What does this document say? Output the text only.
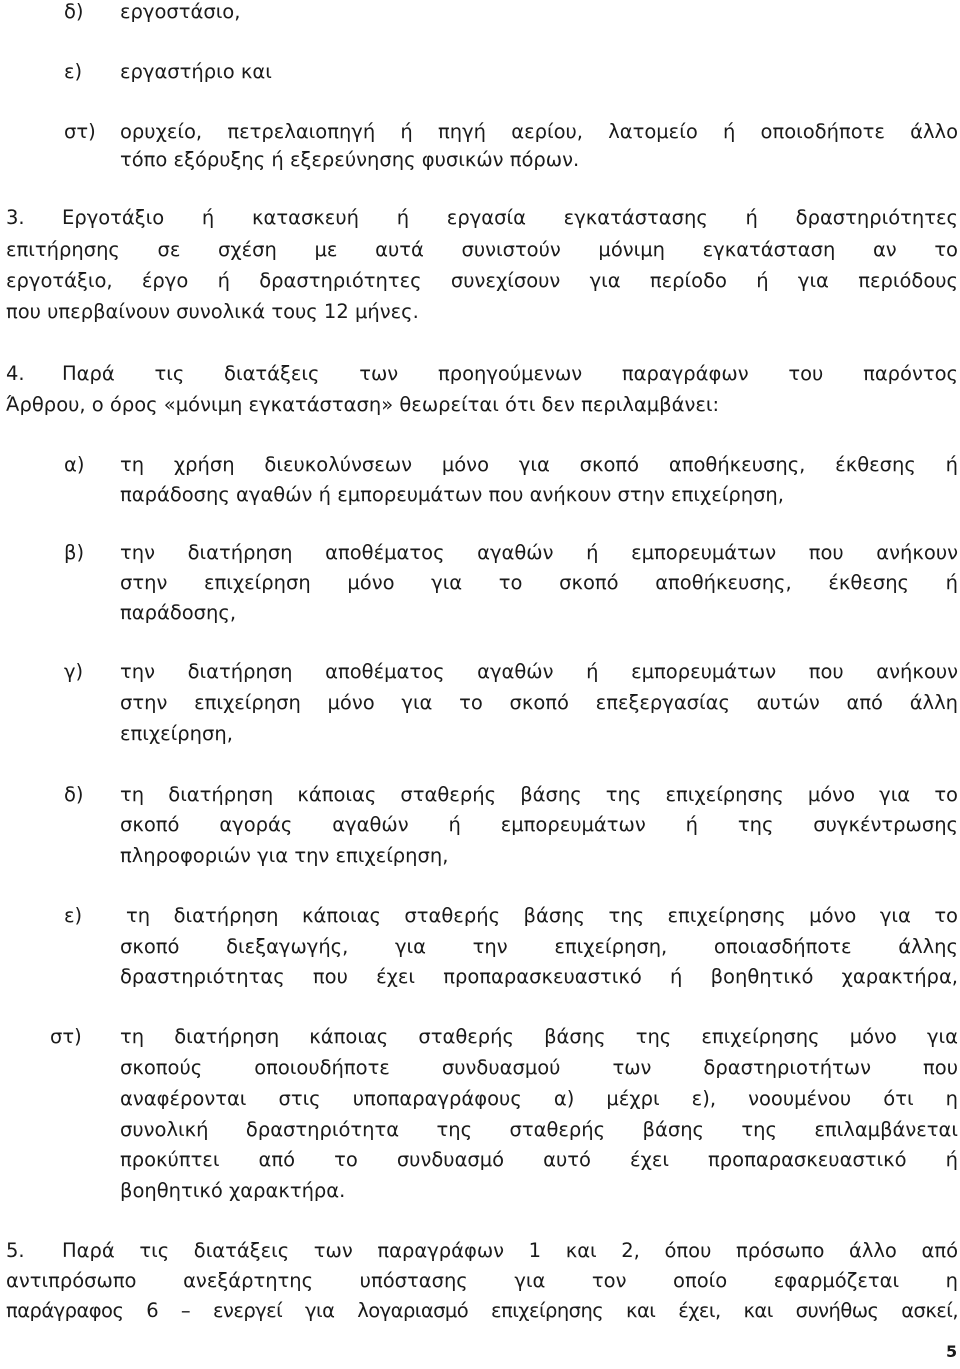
δ) εργοστάσιο,
ε) εργαστήριο και
στ) ορυχείο, πετρελαιοπηγή ή πηγή αερίου, λατομείο ή οποιοδήποτε άλλο
τόπο εξόρυξης ή εξερεύνησης φυσικών πόρων.
3. Εργοτάξιο ή κατασκευή ή εργασία εγκατάστασης ή δραστηριότητες
επιτήρησης σε σχέση με αυτά συνιστούν μόνιμη εγκατάσταση αν το
εργοτάξιο, έργο ή δραστηριότητες συνεχίσουν για περίοδο ή για περιόδους
που υπερβαίνουν συνολικά τους 12 μήνες.
4. Παρά τις διατάξεις των προηγούμενων παραγράφων του παρόντος
Άρθρου, ο όρος «μόνιμη εγκατάσταση» θεωρείται ότι δεν περιλαμβάνει:
α) τη χρήση διευκολύνσεων μόνο για σκοπό αποθήκευσης, έκθεσης ή
παράδοσης αγαθών ή εμπορευμάτων που ανήκουν στην επιχείρηση,
β) την διατήρηση αποθέματος αγαθών ή εμπορευμάτων που ανήκουν
στην επιχείρηση μόνο για το σκοπό αποθήκευσης, έκθεσης ή
παράδοσης,
γ) την διατήρηση αποθέματος αγαθών ή εμπορευμάτων που ανήκουν
στην επιχείρηση μόνο για το σκοπό επεξεργασίας αυτών από άλλη
επιχείρηση,
δ) τη διατήρηση κάποιας σταθερής βάσης της επιχείρησης μόνο για το
σκοπό αγοράς αγαθών ή εμπορευμάτων ή της συγκέντρωσης
πληροφοριών για την επιχείρηση,
ε) τη διατήρηση κάποιας σταθερής βάσης της επιχείρησης μόνο για το
σκοπό διεξαγωγής, για την επιχείρηση, οποιασδήποτε άλλης
δραστηριότητας που έχει προπαρασκευαστικό ή βοηθητικό χαρακτήρα,
στ) τη διατήρηση κάποιας σταθερής βάσης της επιχείρησης μόνο για
σκοπούς οποιουδήποτε συνδυασμού των δραστηριοτήτων που
αναφέρονται στις υποπαραγράφους α) μέχρι ε), νοουμένου ότι η
συνολική δραστηριότητα της σταθερής βάσης της επιλαμβάνεται
προκύπτει από το συνδυασμό αυτό έχει προπαρασκευαστικό ή
βοηθητικό χαρακτήρα.
5. Παρά τις διατάξεις των παραγράφων 1 και 2, όπου πρόσωπο άλλο από
αντιπρόσωπο ανεξάρτητης υπόστασης για τον οποίο εφαρμόζεται η
παράγραφος 6 – ενεργεί για λογαριασμό επιχείρησης και έχει, και συνήθως ασκεί,
5
